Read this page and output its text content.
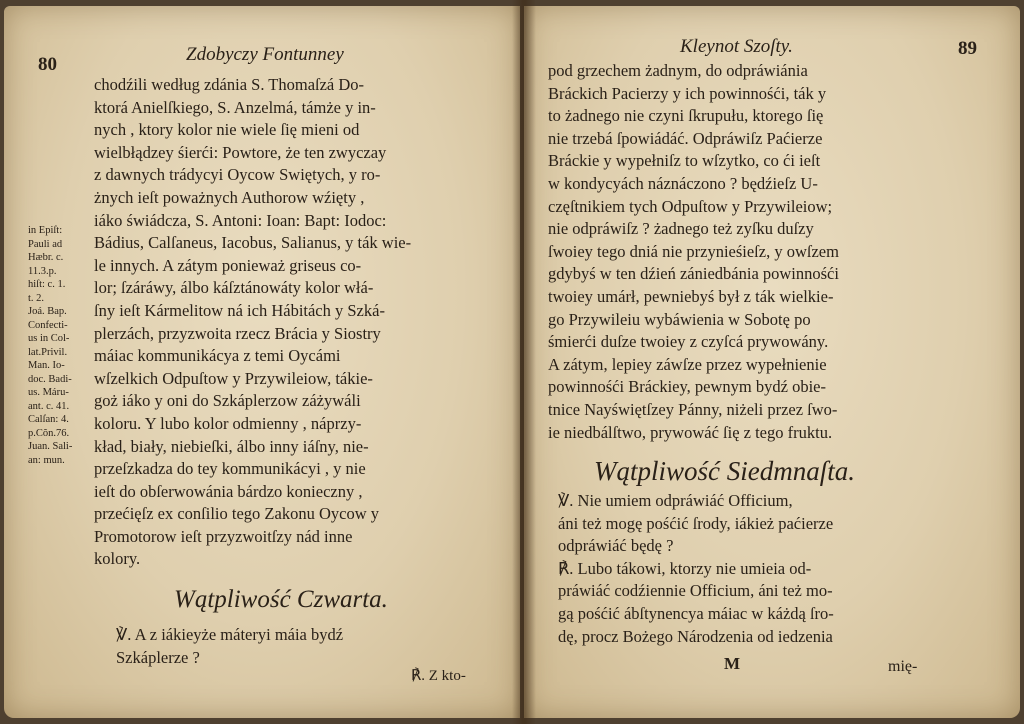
80	Zdobyczy Fontunney
in Epiſt:
Pauli ad
Hæbr. c.
11.3.p.
hiſt: c. 1.
t. 2.
Joá. Bap.
Confecti-
us in Col-
lat.Privil.
Man. Io-
doc. Badi-
us. Máru-
ant. c. 41.
Calſan: 4.
p.Cõn.76.
Juan. Sali-
an: mun.
chodźili według zdánia S. Thomaſzá Do-
ktorá Anielſkiego, S. Anzelmá, támże y in-
nych , ktory kolor nie wiele ſię mieni od
wielbłądzey śierći: Powtore, że ten zwyczay
z dawnych trádycyi Oycow Swiętych, y ro-
żnych ieſt poważnych Authorow wźięty ,
iáko świádcza, S. Antoni: Ioan: Bapt: Iodoc:
Bádius, Calſaneus, Iacobus, Salianus, y ták wie-
le innych. A zátym ponieważ griseus co-
lor; ſzáráwy, álbo káſztánowáty kolor włá-
ſny ieſt Kármelitow ná ich Hábitách y Szká-
plerzách, przyzwoita rzecz Brácia y Siostry
máiac kommunikácya z temi Oycámi
wſzelkich Odpuſtow y Przywileiow, tákie-
goż iáko y oni do Szkáplerzow záżywáli
koloru. Y lubo kolor odmienny , náprzy-
kład, biały, niebieſki, álbo inny iáſny, nie-
przeſzkadza do tey kommunikácyi , y nie
ieſt do obſerwowánia bárdzo konieczny ,
przećięſz ex conſilio tego Zakonu Oycow y
Promotorow ieſt przyzwoitſzy nád inne
kolory.
Wątpliwość Czwarta.
℣. A z iákieyże máteryi máia bydź
Szkáplerze ?
℟. Z kto-
Kleynot Szoſty.	89
pod grzechem żadnym, do odpráwiánia
Bráckich Pacierzy y ich powinnośći, ták y
to żadnego nie czyni ſkrupułu, ktorego ſię
nie trzebá ſpowiádáć. Odpráwiſz Paćierze
Bráckie y wypełniſz to wſzytko, co ći ieſt
w kondycyách náznáczono ? będźieſz U-
częſtnikiem tych Odpuſtow y Przywileiow;
nie odpráwiſz ? żadnego też zyſku duſzy
ſwoiey tego dniá nie przynieśieſz, y owſzem
gdybyś w ten dźień zániedbánia powinnośći
twoiey umárł, pewniebyś był z ták wielkie-
go Przywileiu wybáwienia w Sobotę po
śmierći duſze twoiey z czyſcá prywowány.
A zátym, lepiey záwſze przez wypełnienie
powinnośći Bráckiey, pewnym bydź obie-
tnice Nayświętſzey Pánny, niżeli przez ſwo-
ie niedbálſtwo, prywowáć ſię z tego fruktu.
Wątpliwość Siedmnaſta.
℣. Nie umiem odpráwiáć Officium,
áni też mogę pośćić ſrody, iákież paćierze
odpráwiáć będę ?
℟. Lubo tákowi, ktorzy nie umieia od-
práwiáć codźiennie Officium, áni też mo-
gą pośćić ábſtynencya máiac w káżdą ſro-
dę, procz Bożego Národzenia od iedzenia
M	mię-
